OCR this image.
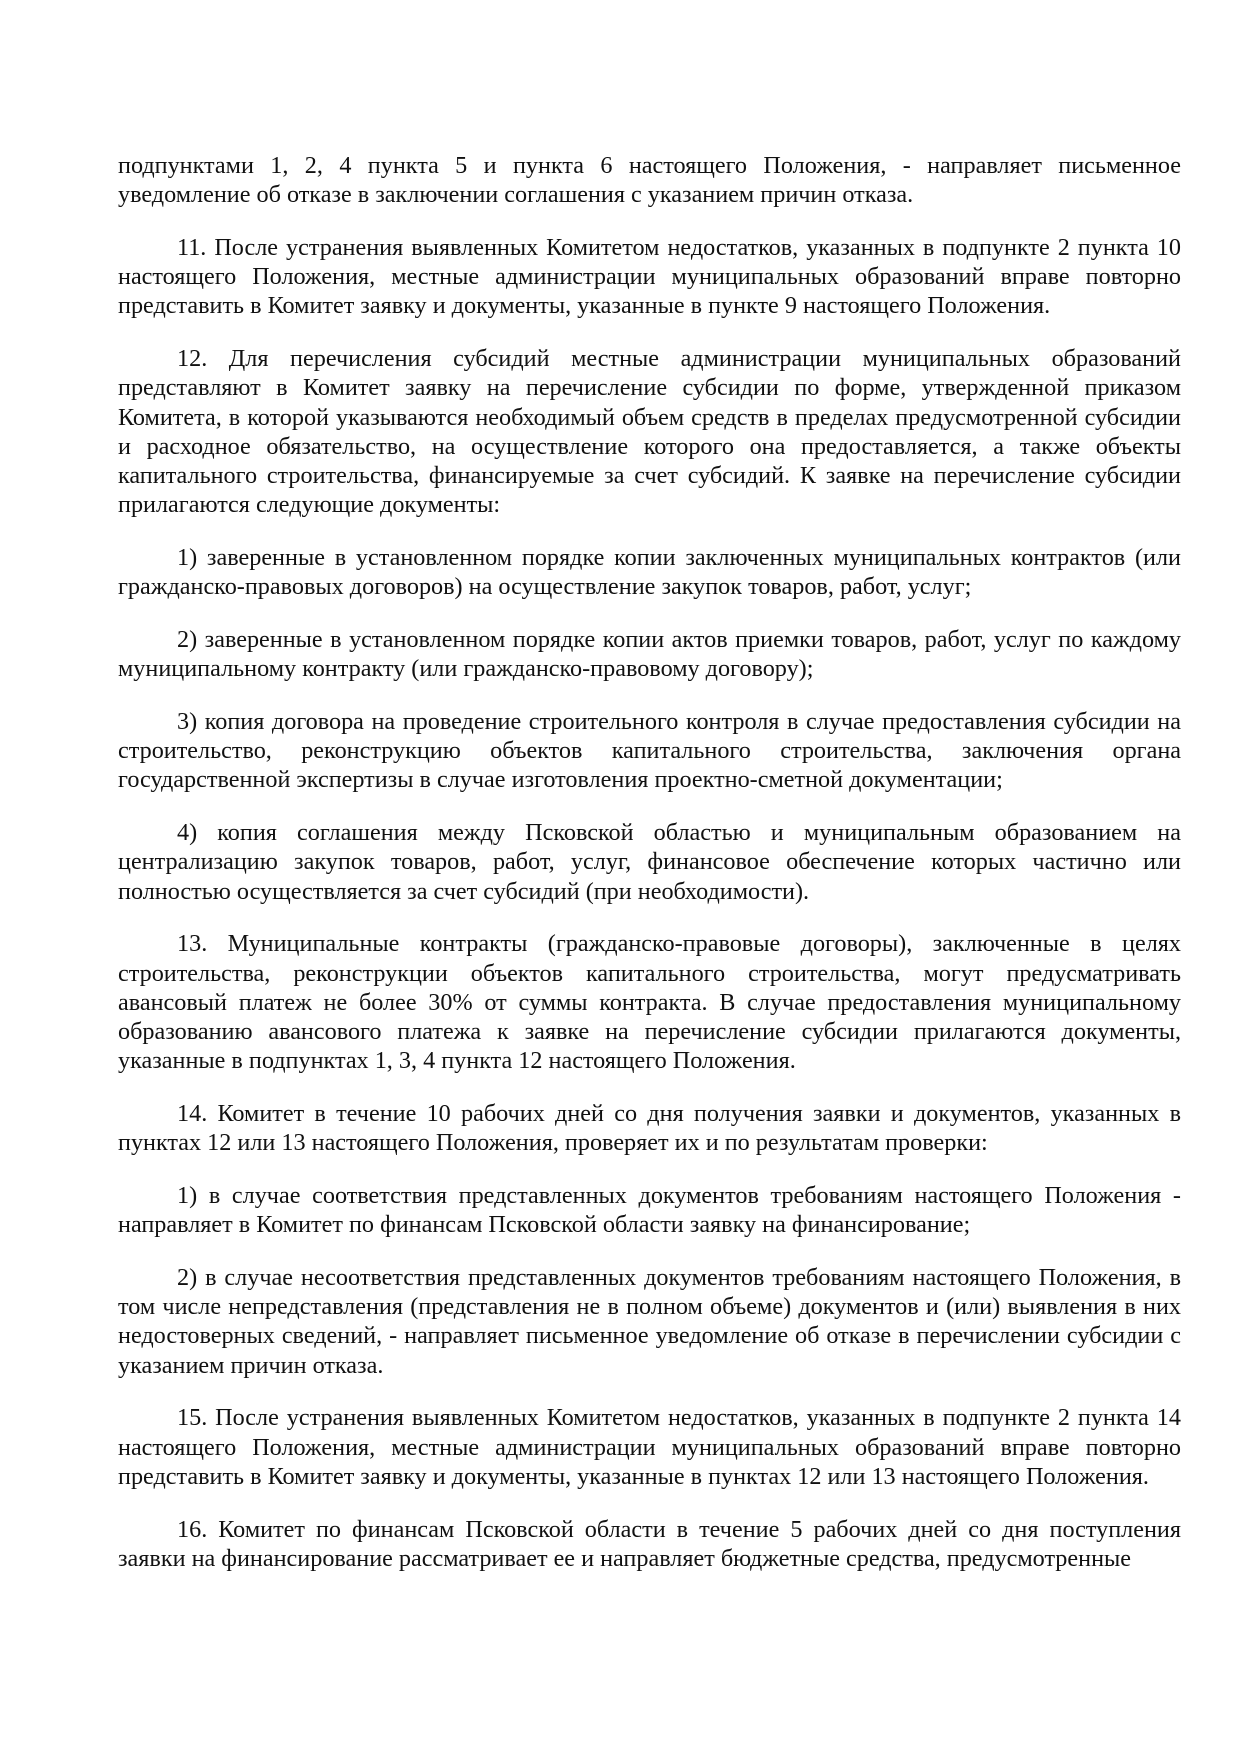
подпунктами 1, 2, 4 пункта 5 и пункта 6 настоящего Положения, - направляет письменное уведомление об отказе в заключении соглашения с указанием причин отказа.

11. После устранения выявленных Комитетом недостатков, указанных в подпункте 2 пункта 10 настоящего Положения, местные администрации муниципальных образований вправе повторно представить в Комитет заявку и документы, указанные в пункте 9 настоящего Положения.

12. Для перечисления субсидий местные администрации муниципальных образований представляют в Комитет заявку на перечисление субсидии по форме, утвержденной приказом Комитета, в которой указываются необходимый объем средств в пределах предусмотренной субсидии и расходное обязательство, на осуществление которого она предоставляется, а также объекты капитального строительства, финансируемые за счет субсидий. К заявке на перечисление субсидии прилагаются следующие документы:

1) заверенные в установленном порядке копии заключенных муниципальных контрактов (или гражданско-правовых договоров) на осуществление закупок товаров, работ, услуг;

2) заверенные в установленном порядке копии актов приемки товаров, работ, услуг по каждому муниципальному контракту (или гражданско-правовому договору);

3) копия договора на проведение строительного контроля в случае предоставления субсидии на строительство, реконструкцию объектов капитального строительства, заключения органа государственной экспертизы в случае изготовления проектно-сметной документации;

4) копия соглашения между Псковской областью и муниципальным образованием на централизацию закупок товаров, работ, услуг, финансовое обеспечение которых частично или полностью осуществляется за счет субсидий (при необходимости).

13. Муниципальные контракты (гражданско-правовые договоры), заключенные в целях строительства, реконструкции объектов капитального строительства, могут предусматривать авансовый платеж не более 30% от суммы контракта. В случае предоставления муниципальному образованию авансового платежа к заявке на перечисление субсидии прилагаются документы, указанные в подпунктах 1, 3, 4 пункта 12 настоящего Положения.

14. Комитет в течение 10 рабочих дней со дня получения заявки и документов, указанных в пунктах 12 или 13 настоящего Положения, проверяет их и по результатам проверки:

1) в случае соответствия представленных документов требованиям настоящего Положения - направляет в Комитет по финансам Псковской области заявку на финансирование;

2) в случае несоответствия представленных документов требованиям настоящего Положения, в том числе непредставления (представления не в полном объеме) документов и (или) выявления в них недостоверных сведений, - направляет письменное уведомление об отказе в перечислении субсидии с указанием причин отказа.

15. После устранения выявленных Комитетом недостатков, указанных в подпункте 2 пункта 14 настоящего Положения, местные администрации муниципальных образований вправе повторно представить в Комитет заявку и документы, указанные в пунктах 12 или 13 настоящего Положения.

16. Комитет по финансам Псковской области в течение 5 рабочих дней со дня поступления заявки на финансирование рассматривает ее и направляет бюджетные средства, предусмотренные
